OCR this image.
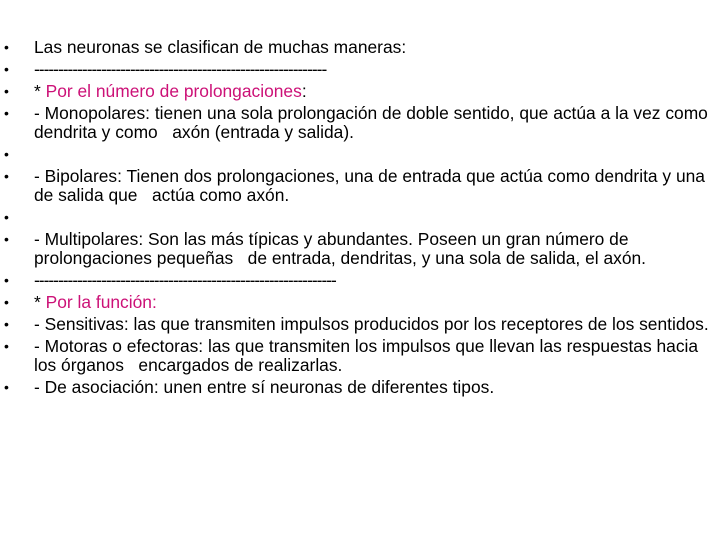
• Las neuronas se clasifican de muchas maneras:
• -------------------------------------------------------------
• * Por el número de prolongaciones:
• - Monopolares: tienen una sola prolongación de doble sentido, que actúa a la vez como dendrita y como   axón (entrada y salida).
•
• - Bipolares: Tienen dos prolongaciones, una de entrada que actúa como dendrita y una de salida que   actúa como axón.
•
• - Multipolares: Son las más típicas y abundantes. Poseen un gran número de prolongaciones pequeñas   de entrada, dendritas, y una sola de salida, el axón.
• ---------------------------------------------------------------
• * Por la función:
• - Sensitivas: las que transmiten impulsos producidos por los receptores de los sentidos.
• - Motoras o efectoras: las que transmiten los impulsos que llevan las respuestas hacia los órganos   encargados de realizarlas.
• - De asociación: unen entre sí neuronas de diferentes tipos.
